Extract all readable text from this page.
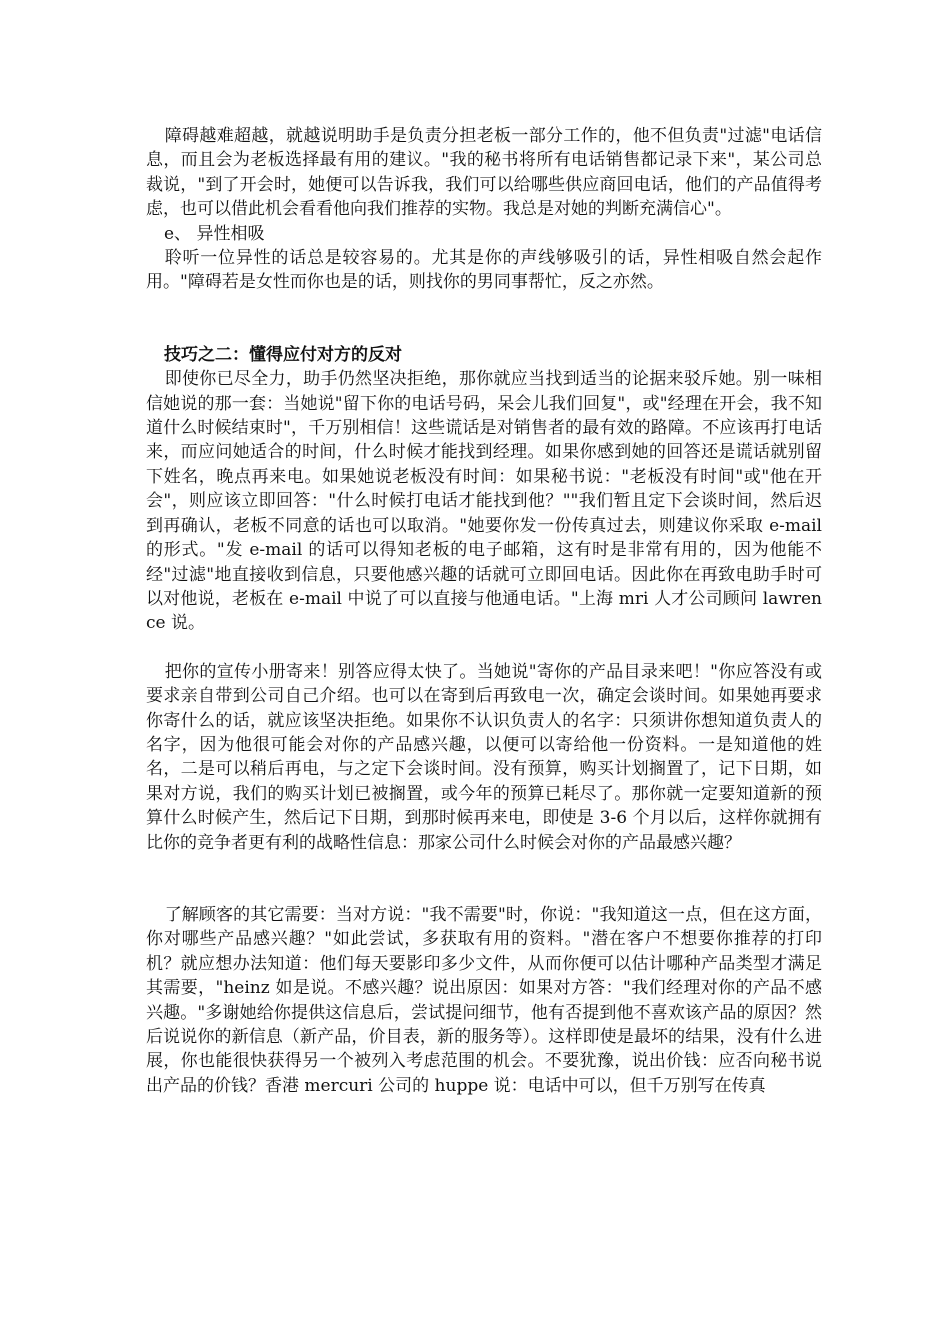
障碍越难超越，就越说明助手是负责分担老板一部分工作的，他不但负责"过滤"电话信息，而且会为老板选择最有用的建议。"我的秘书将所有电话销售都记录下来"，某公司总裁说，"到了开会时，她便可以告诉我，我们可以给哪些供应商回电话，他们的产品值得考虑，也可以借此机会看看他向我们推荐的实物。我总是对她的判断充满信心"。

e、 异性相吸

聆听一位异性的话总是较容易的。尤其是你的声线够吸引的话，异性相吸自然会起作用。"障碍若是女性而你也是的话，则找你的男同事帮忙，反之亦然。

技巧之二：懂得应付对方的反对

即使你已尽全力，助手仍然坚决拒绝，那你就应当找到适当的论据来驳斥她。别一味相信她说的那一套：当她说"留下你的电话号码，呆会儿我们回复"，或"经理在开会，我不知道什么时候结束时"，千万别相信！这些谎话是对销售者的最有效的路障。不应该再打电话来，而应问她适合的时间，什么时候才能找到经理。如果你感到她的回答还是谎话就别留下姓名，晚点再来电。如果她说老板没有时间：如果秘书说："老板没有时间"或"他在开会"，则应该立即回答："什么时候打电话才能找到他？""我们暂且定下会谈时间，然后迟到再确认，老板不同意的话也可以取消。"她要你发一份传真过去，则建议你采取 e-mail 的形式。"发 e-mail 的话可以得知老板的电子邮箱，这有时是非常有用的，因为他能不经"过滤"地直接收到信息，只要他感兴趣的话就可立即回电话。因此你在再致电助手时可以对他说，老板在 e-mail 中说了可以直接与他通电话。"上海 mri 人才公司顾问 lawrence 说。

把你的宣传小册寄来！别答应得太快了。当她说"寄你的产品目录来吧！"你应答没有或要求亲自带到公司自己介绍。也可以在寄到后再致电一次，确定会谈时间。如果她再要求你寄什么的话，就应该坚决拒绝。如果你不认识负责人的名字：只须讲你想知道负责人的名字，因为他很可能会对你的产品感兴趣，以便可以寄给他一份资料。一是知道他的姓名，二是可以稍后再电，与之定下会谈时间。没有预算，购买计划搁置了，记下日期，如果对方说，我们的购买计划已被搁置，或今年的预算已耗尽了。那你就一定要知道新的预算什么时候产生，然后记下日期，到那时候再来电，即使是 3-6 个月以后，这样你就拥有比你的竞争者更有利的战略性信息：那家公司什么时候会对你的产品最感兴趣？

了解顾客的其它需要：当对方说："我不需要"时，你说："我知道这一点，但在这方面，你对哪些产品感兴趣？"如此尝试，多获取有用的资料。"潜在客户不想要你推荐的打印机？就应想办法知道：他们每天要影印多少文件，从而你便可以估计哪种产品类型才满足其需要，"heinz 如是说。不感兴趣？说出原因：如果对方答："我们经理对你的产品不感兴趣。"多谢她给你提供这信息后，尝试提问细节，他有否提到他不喜欢该产品的原因？然后说说你的新信息（新产品，价目表，新的服务等）。这样即使是最坏的结果，没有什么进展，你也能很快获得另一个被列入考虑范围的机会。不要犹豫，说出价钱：应否向秘书说出产品的价钱？香港 mercuri 公司的 huppe 说：电话中可以，但千万别写在传真
